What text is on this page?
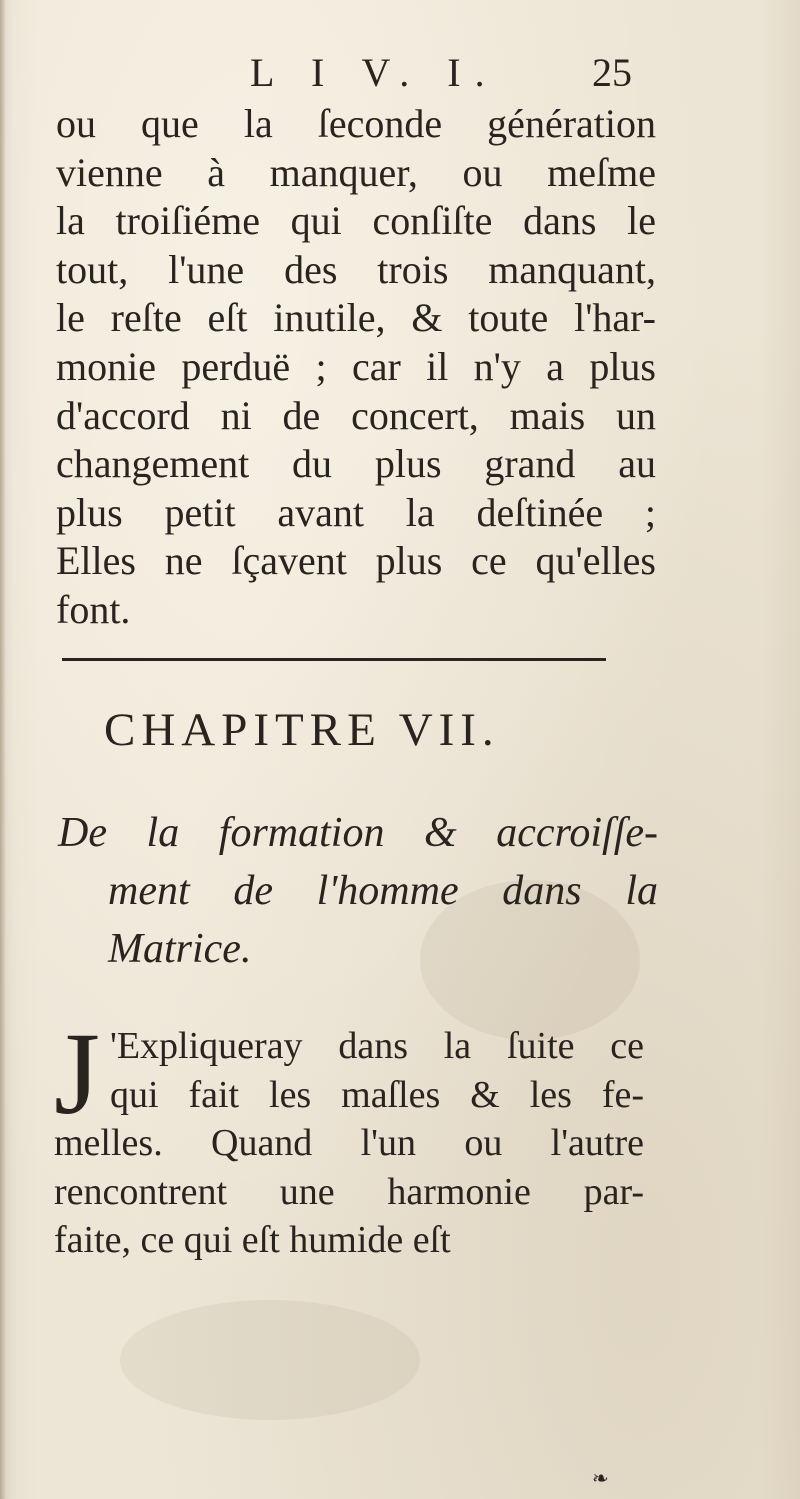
L I V. I. 25
ou que la ſeconde génération
vienne à manquer, ou meſme
la troiſiéme qui conſiſte dans le
tout, l'une des trois manquant,
le reſte eſt inutile, & toute l'har-
monie perduë ; car il n'y a plus
d'accord ni de concert, mais un
changement du plus grand au
plus petit avant la deſtinée ;
Elles ne ſçavent plus ce qu'elles
font.
CHAPITRE VII.
De la formation & accroiſſe-
ment de l'homme dans la
Matrice.
J 'Expliqueray dans la ſuite ce
qui fait les maſles & les fe-
melles. Quand l'un ou l'autre
rencontrent une harmonie par-
faite, ce qui eſt humide eſt
❧
